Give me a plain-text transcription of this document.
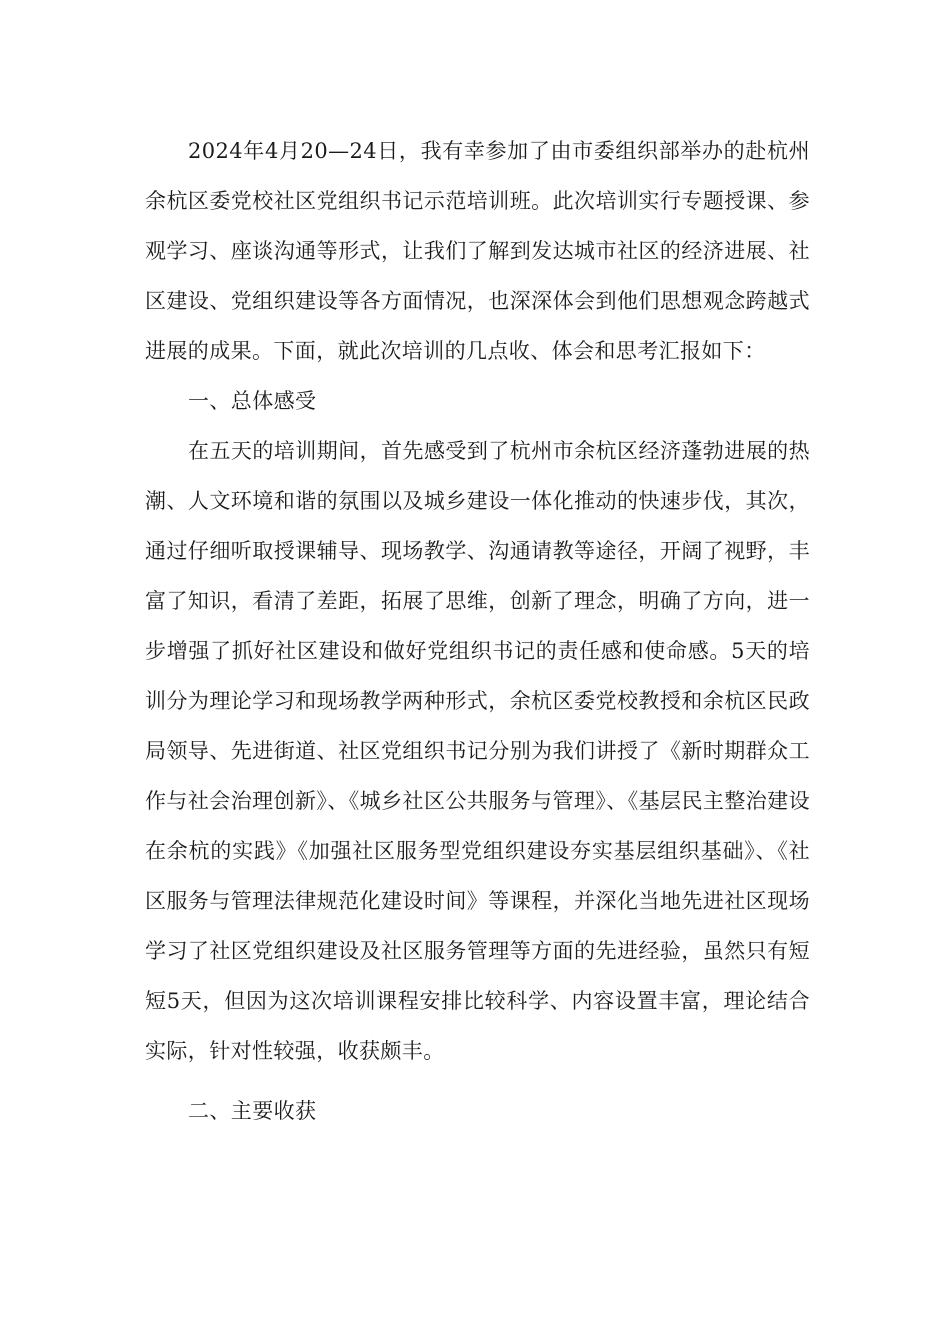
2024年4月20—24日，我有幸参加了由市委组织部举办的赴杭州余杭区委党校社区党组织书记示范培训班。此次培训实行专题授课、参观学习、座谈沟通等形式，让我们了解到发达城市社区的经济进展、社区建设、党组织建设等各方面情况，也深深体会到他们思想观念跨越式进展的成果。下面，就此次培训的几点收、体会和思考汇报如下：

一、总体感受

在五天的培训期间，首先感受到了杭州市余杭区经济蓬勃进展的热潮、人文环境和谐的氛围以及城乡建设一体化推动的快速步伐，其次，通过仔细听取授课辅导、现场教学、沟通请教等途径，开阔了视野，丰富了知识，看清了差距，拓展了思维，创新了理念，明确了方向，进一步增强了抓好社区建设和做好党组织书记的责任感和使命感。5天的培训分为理论学习和现场教学两种形式，余杭区委党校教授和余杭区民政局领导、先进街道、社区党组织书记分别为我们讲授了《新时期群众工作与社会治理创新》、《城乡社区公共服务与管理》、《基层民主整治建设在余杭的实践》《加强社区服务型党组织建设夯实基层组织基础》、《社区服务与管理法律规范化建设时间》等课程，并深化当地先进社区现场学习了社区党组织建设及社区服务管理等方面的先进经验，虽然只有短短5天，但因为这次培训课程安排比较科学、内容设置丰富，理论结合实际，针对性较强，收获颇丰。

二、主要收获
